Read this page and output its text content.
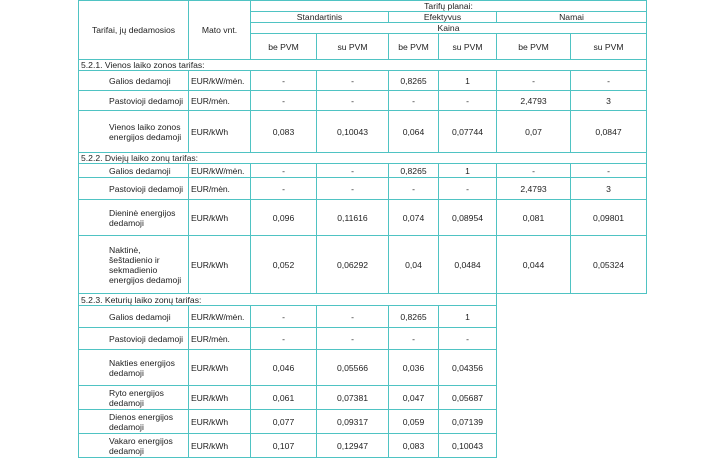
Tarifai, jų dedamosios	Mato vnt.	Tarifų planai:					
		Standartinis		Efektyvus		Namai	
		Kaina					
		be PVM	su PVM	be PVM	su PVM	be PVM	su PVM
5.2.1. Vienos laiko zonos tarifas:							
Galios dedamoji	EUR/kW/mėn.	-	-	0,8265	1	-	-
Pastovioji dedamoji	EUR/mėn.	-	-	-	-	2,4793	3
Vienos laiko zonos energijos dedamoji	EUR/kWh	0,083	0,10043	0,064	0,07744	0,07	0,0847
5.2.2. Dviejų laiko zonų tarifas:							
Galios dedamoji	EUR/kW/mėn.	-	-	0,8265	1	-	-
Pastovioji dedamoji	EUR/mėn.	-	-	-	-	2,4793	3
Dieninė energijos dedamoji	EUR/kWh	0,096	0,11616	0,074	0,08954	0,081	0,09801
Naktinė, šeštadienio ir sekmadienio energijos dedamoji	EUR/kWh	0,052	0,06292	0,04	0,0484	0,044	0,05324
5.2.3. Keturių laiko zonų tarifas:							
Galios dedamoji	EUR/kW/mėn.	-	-	0,8265	1		
Pastovioji dedamoji	EUR/mėn.	-	-	-	-		
Nakties energijos dedamoji	EUR/kWh	0,046	0,05566	0,036	0,04356		
Ryto energijos dedamoji	EUR/kWh	0,061	0,07381	0,047	0,05687		
Dienos energijos dedamoji	EUR/kWh	0,077	0,09317	0,059	0,07139		
Vakaro energijos dedamoji	EUR/kWh	0,107	0,12947	0,083	0,10043		
